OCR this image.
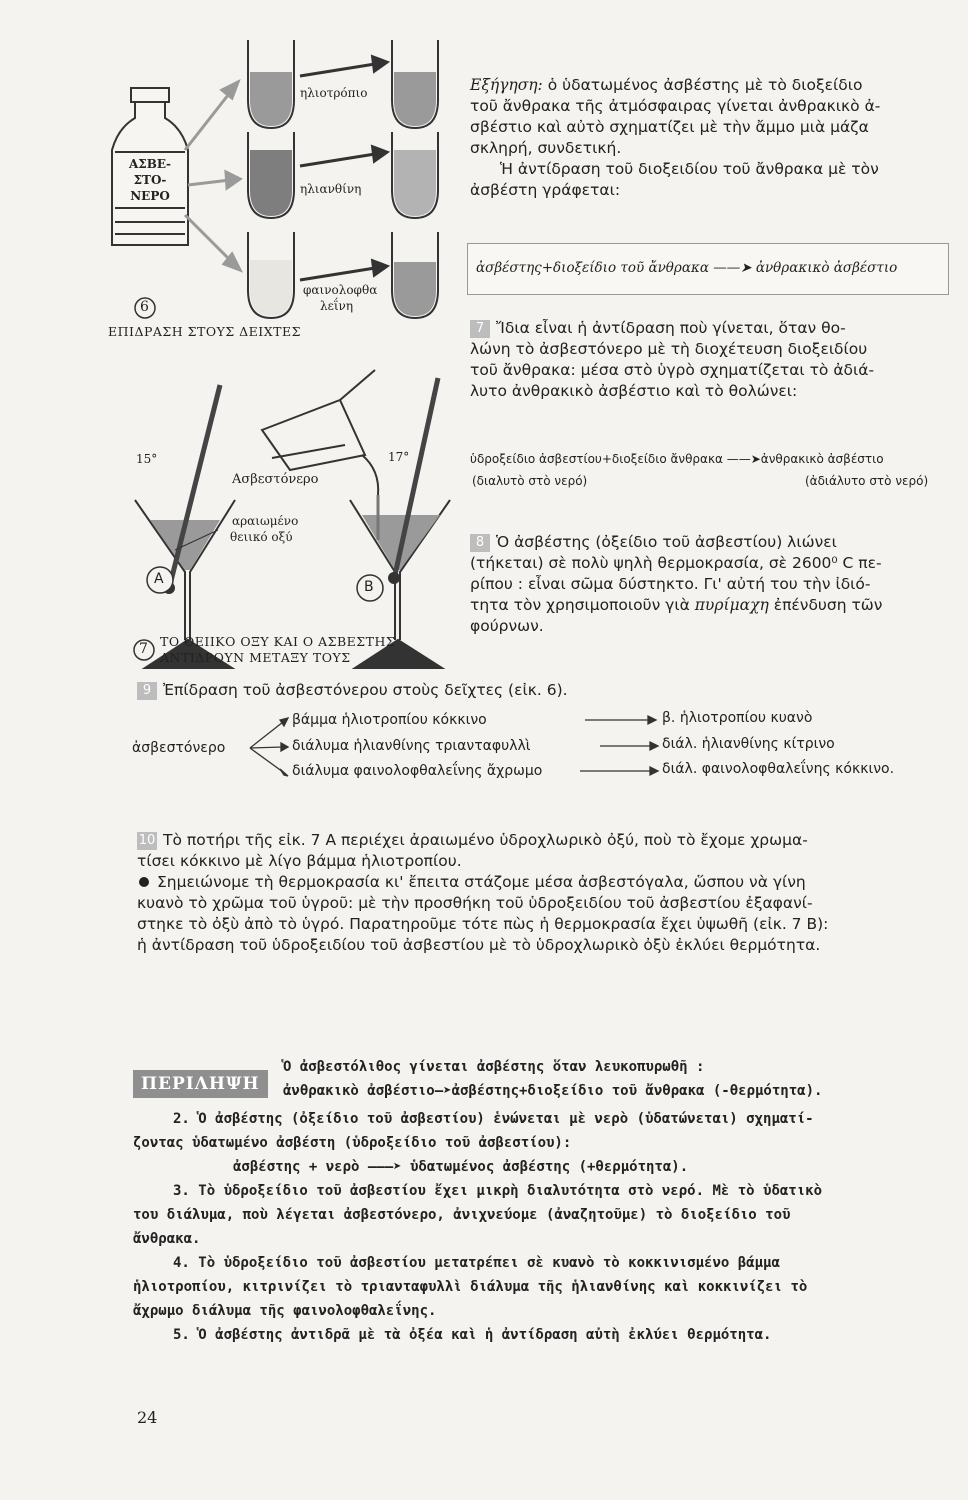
ΑΣΒΕ-
ΣΤΟ-
ΝΕΡΟ
ηλιοτρόπιο
ηλιανθίνη
φαινολοφθα
λεΐνη
6
ΕΠΙΔΡΑΣΗ ΣΤΟΥΣ ΔΕΙΧΤΕΣ
15°	17°
Ασβεστόνερο
αραιωμένο
θειικό οξύ
A	B
7 ΤΟ ΘΕΙΙΚΟ ΟΞΥ ΚΑΙ Ο ΑΣΒΕΣΤΗΣ
ΑΝΤΙΔΡΟΥΝ ΜΕΤΑΞΥ ΤΟΥΣ
Εξήγηση: ὁ ὑδατωμένος ἀσβέστης μὲ τὸ διοξείδιο
τοῦ ἄνθρακα τῆς ἀτμόσφαιρας γίνεται ἀνθρακικὸ ἀ-
σβέστιο καὶ αὐτὸ σχηματίζει μὲ τὴν ἄμμο μιὰ μάζα
σκληρή, συνδετική.
Ἡ ἀντίδραση τοῦ διοξειδίου τοῦ ἄνθρακα μὲ τὸν
ἀσβέστη γράφεται:
ἀσβέστης+διοξείδιο τοῦ ἄνθρακα ——➤ ἀνθρακικὸ ἀσβέστιο
7 Ἴδια εἶναι ἡ ἀντίδραση ποὺ γίνεται, ὅταν θο-
λώνη τὸ ἀσβεστόνερο μὲ τὴ διοχέτευση διοξειδίου
τοῦ ἄνθρακα: μέσα στὸ ὑγρὸ σχηματίζεται τὸ ἀδιά-
λυτο ἀνθρακικὸ ἀσβέστιο καὶ τὸ θολώνει:
ὑδροξείδιο ἀσβεστίου+διοξείδιο ἄνθρακα ——➤ἀνθρακικὸ ἀσβέστιο
(διαλυτὸ στὸ νερό)	(ἀδιάλυτο στὸ νερό)
8 Ὁ ἀσβέστης (ὀξείδιο τοῦ ἀσβεστίου) λιώνει
(τήκεται) σὲ πολὺ ψηλὴ θερμοκρασία, σὲ 2600⁰ C πε-
ρίπου : εἶναι σῶμα δύστηκτο. Γι' αὐτή του τὴν ἰδιό-
τητα τὸν χρησιμοποιοῦν γιὰ πυρίμαχη ἐπένδυση τῶν
φούρνων.
9 Ἐπίδραση τοῦ ἀσβεστόνερου στοὺς δεῖχτες (εἰκ. 6).
ἀσβεστόνερο
βάμμα ἡλιοτροπίου κόκκινο
διάλυμα ἡλιανθίνης τριανταφυλλὶ
διάλυμα φαινολοφθαλεΐνης ἄχρωμο
β. ἡλιοτροπίου κυανὸ
διάλ. ἡλιανθίνης κίτρινο
διάλ. φαινολοφθαλεΐνης κόκκινο.
10 Τὸ ποτήρι τῆς εἰκ. 7 Α περιέχει ἀραιωμένο ὑδροχλωρικὸ ὀξύ, ποὺ τὸ ἔχομε χρωμα-
τίσει κόκκινο μὲ λίγο βάμμα ἡλιοτροπίου.
Σημειώνομε τὴ θερμοκρασία κι' ἔπειτα στάζομε μέσα ἀσβεστόγαλα, ὥσπου νὰ γίνη
κυανὸ τὸ χρῶμα τοῦ ὑγροῦ: μὲ τὴν προσθήκη τοῦ ὑδροξειδίου τοῦ ἀσβεστίου ἐξαφανί-
στηκε τὸ ὀξὺ ἀπὸ τὸ ὑγρό. Παρατηροῦμε τότε πὼς ἡ θερμοκρασία ἔχει ὑψωθῆ (εἰκ. 7 Β):
ἡ ἀντίδραση τοῦ ὑδροξειδίου τοῦ ἀσβεστίου μὲ τὸ ὑδροχλωρικὸ ὀξὺ ἐκλύει θερμότητα.
ΠΕΡΙΛΗΨΗ
Ὁ ἀσβεστόλιθος γίνεται ἀσβέστης ὅταν λευκοπυρωθῆ :
ἀνθρακικὸ ἀσβέστιο—➤ἀσβέστης+διοξείδιο τοῦ ἄνθρακα (-θερμότητα).
2. Ὁ ἀσβέστης (ὀξείδιο τοῦ ἀσβεστίου) ἑνώνεται μὲ νερὸ (ὑδατώνεται) σχηματί-
ζοντας ὑδατωμένο ἀσβέστη (ὑδροξείδιο τοῦ ἀσβεστίου):
ἀσβέστης + νερὸ ———➤ ὑδατωμένος ἀσβέστης (+θερμότητα).
3. Τὸ ὑδροξείδιο τοῦ ἀσβεστίου ἔχει μικρὴ διαλυτότητα στὸ νερό. Μὲ τὸ ὑδατικὸ
του διάλυμα, ποὺ λέγεται ἀσβεστόνερο, ἀνιχνεύομε (ἀναζητοῦμε) τὸ διοξείδιο τοῦ
ἄνθρακα.
4. Τὸ ὑδροξείδιο τοῦ ἀσβεστίου μετατρέπει σὲ κυανὸ τὸ κοκκινισμένο βάμμα
ἡλιοτροπίου, κιτρινίζει τὸ τριανταφυλλὶ διάλυμα τῆς ἡλιανθίνης καὶ κοκκινίζει τὸ
ἄχρωμο διάλυμα τῆς φαινολοφθαλεΐνης.
5. Ὁ ἀσβέστης ἀντιδρᾶ μὲ τὰ ὀξέα καὶ ἡ ἀντίδραση αὐτὴ ἐκλύει θερμότητα.
24
